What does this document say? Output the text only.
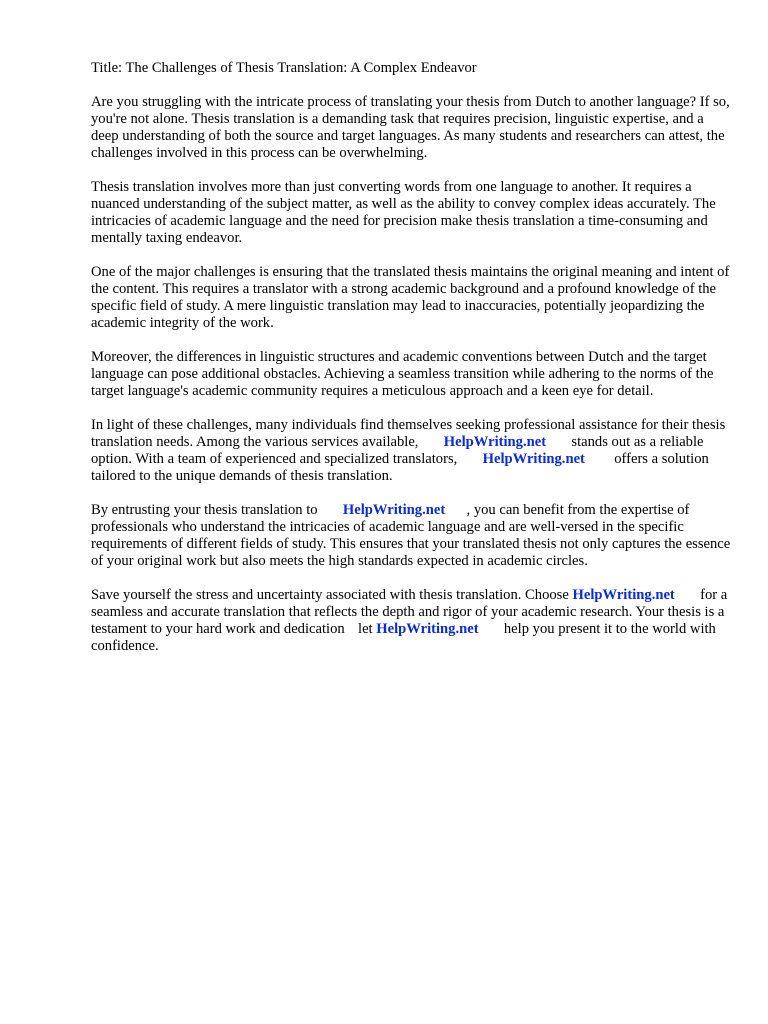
Title: The Challenges of Thesis Translation: A Complex Endeavor

Are you struggling with the intricate process of translating your thesis from Dutch to another language? If so, you're not alone. Thesis translation is a demanding task that requires precision, linguistic expertise, and a deep understanding of both the source and target languages. As many students and researchers can attest, the challenges involved in this process can be overwhelming.

Thesis translation involves more than just converting words from one language to another. It requires a nuanced understanding of the subject matter, as well as the ability to convey complex ideas accurately. The intricacies of academic language and the need for precision make thesis translation a time-consuming and mentally taxing endeavor.

One of the major challenges is ensuring that the translated thesis maintains the original meaning and intent of the content. This requires a translator with a strong academic background and a profound knowledge of the specific field of study. A mere linguistic translation may lead to inaccuracies, potentially jeopardizing the academic integrity of the work.

Moreover, the differences in linguistic structures and academic conventions between Dutch and the target language can pose additional obstacles. Achieving a seamless transition while adhering to the norms of the target language's academic community requires a meticulous approach and a keen eye for detail.

In light of these challenges, many individuals find themselves seeking professional assistance for their thesis translation needs. Among the various services available, HelpWriting.net stands out as a reliable option. With a team of experienced and specialized translators, HelpWriting.net offers a solution tailored to the unique demands of thesis translation.

By entrusting your thesis translation to HelpWriting.net , you can benefit from the expertise of professionals who understand the intricacies of academic language and are well-versed in the specific requirements of different fields of study. This ensures that your translated thesis not only captures the essence of your original work but also meets the high standards expected in academic circles.

Save yourself the stress and uncertainty associated with thesis translation. Choose HelpWriting.net for a seamless and accurate translation that reflects the depth and rigor of your academic research. Your thesis is a testament to your hard work and dedication let HelpWriting.net help you present it to the world with confidence.
